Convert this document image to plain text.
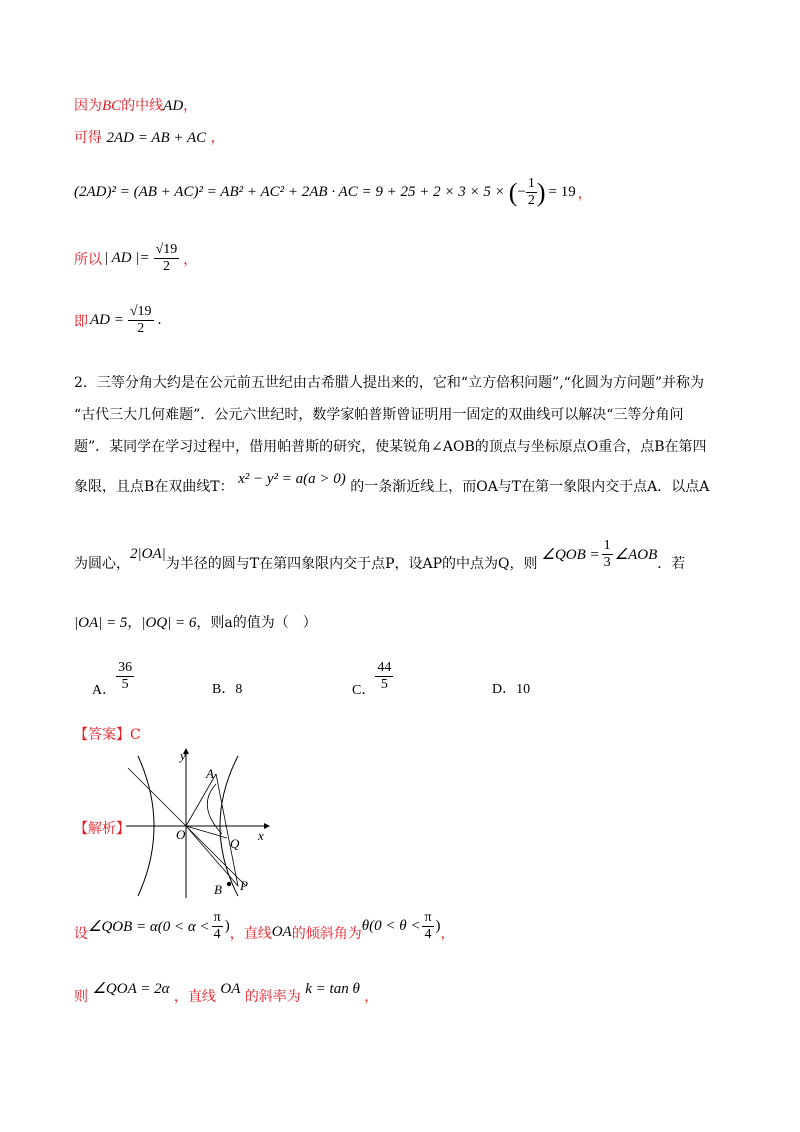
因为BC的中线AD，
可得 2AD = AB + AC ，
(2AD)² = (AB + AC)² = AB² + AC² + 2AB · AC = 9 + 25 + 2 × 3 × 5 × ( − $\frac{1}{2}$ ) = 19 ，
所以 | AD |= $\frac{√19}{2}$ ，
即 AD = $\frac{√19}{2}$ .
2．三等分角大约是在公元前五世纪由古希腊人提出来的，它和“立方倍积问题”,“化圆为方问题”并称为
“古代三大几何难题”．公元六世纪时，数学家帕普斯曾证明用一固定的双曲线可以解决“三等分角问
题”．某同学在学习过程中，借用帕普斯的研究，使某锐角∠AOB的顶点与坐标原点O重合，点B在第四
象限，且点B在双曲线T： x² − y² = a(a > 0) 的一条渐近线上，而OA与T在第一象限内交于点A．以点A
为圆心，
2|OA|
为半径的圆与T在第四象限内交于点P，设AP的中点为Q，则
∠QOB = $\frac{1}{3}$ ∠AOB
．若
|OA| = 5，|OQ| = 6，则a的值为（　）
A． $\frac{36}{5}$	B．8	C． $\frac{44}{5}$	D．10
【答案】C
【解析】
y
x
A
O
Q
B P
设 ∠QOB = $\alpha(0 < \alpha < \frac{\pi}{4}$ ) ，直线 OA 的倾斜角为 $\theta(0 < \theta < \frac{\pi}{4}$ ) ，
则 ∠QOA = 2α ，直线 OA 的斜率为 k = tan θ ，
